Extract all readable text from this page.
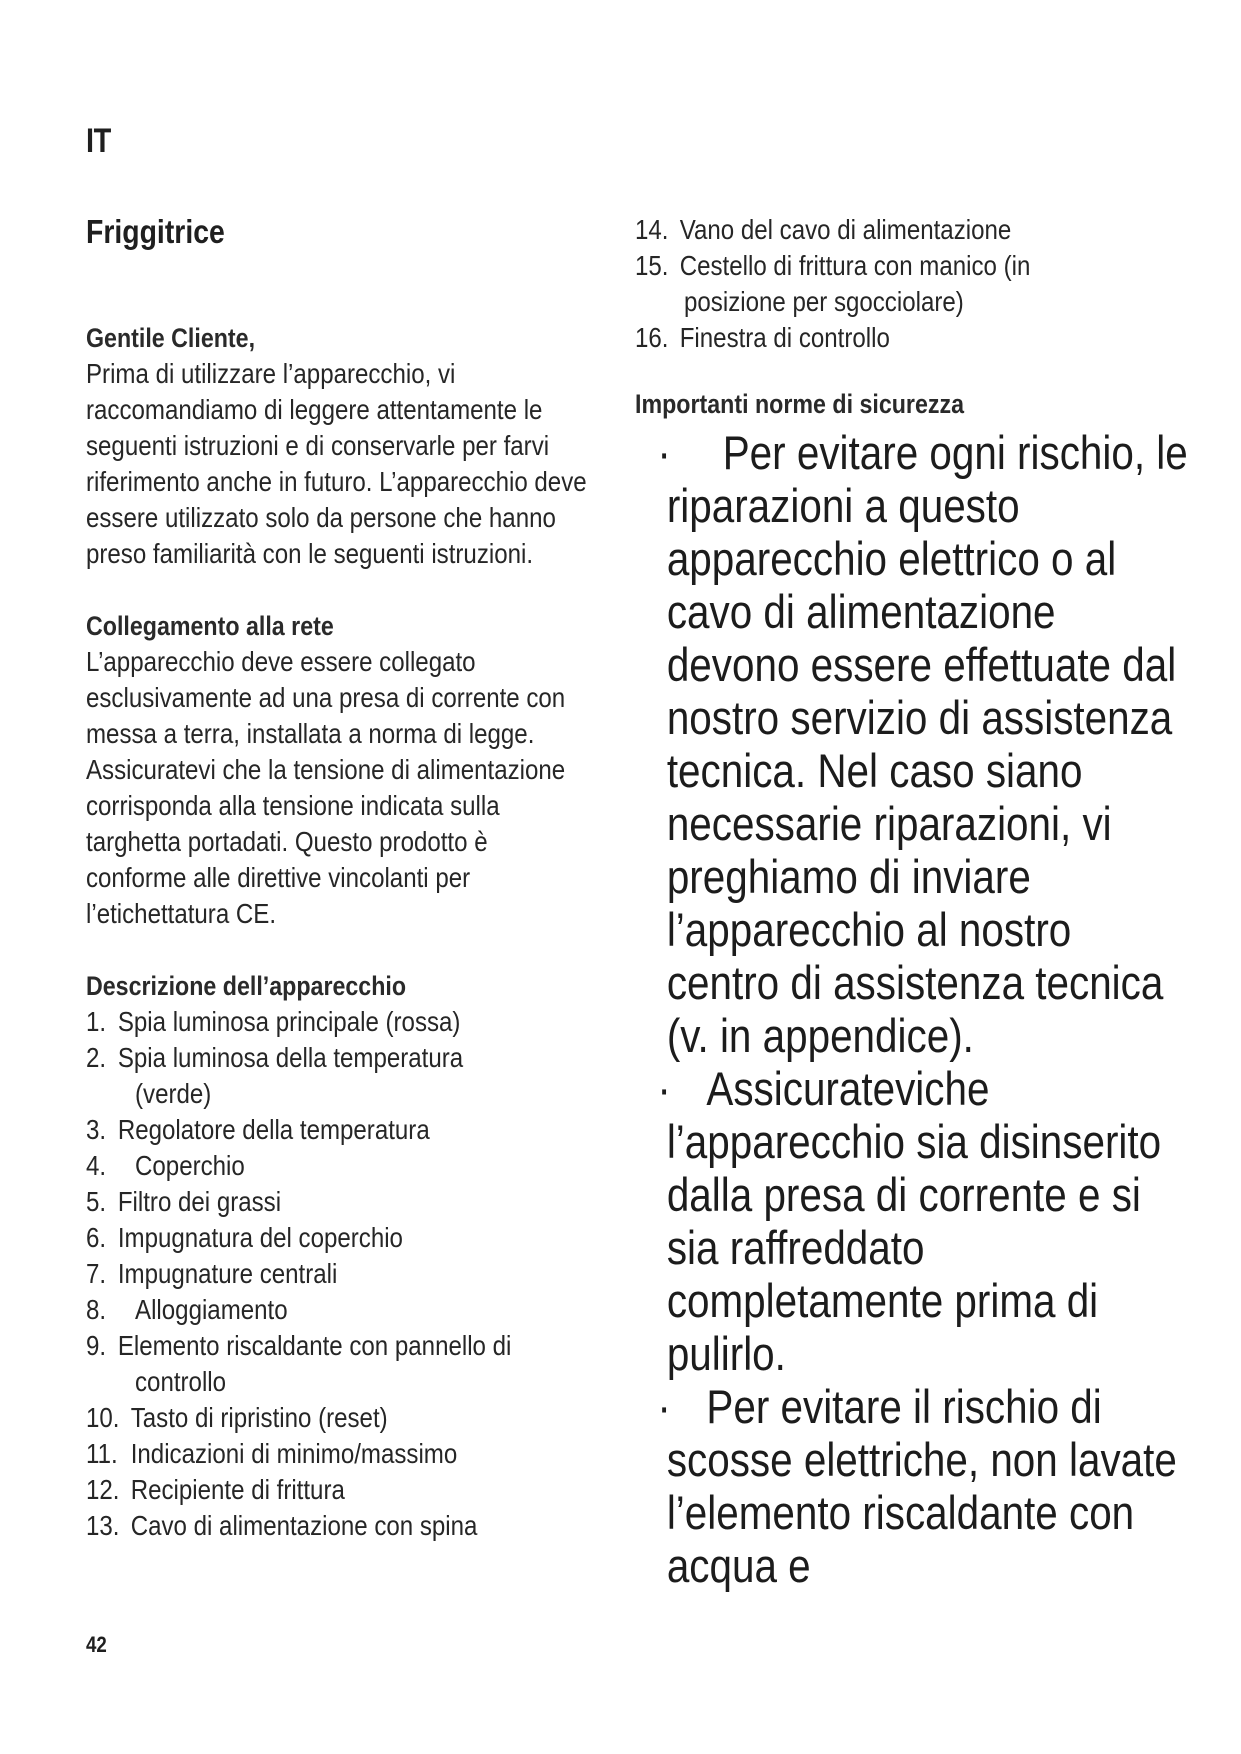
IT
Friggitrice
Gentile Cliente,

Prima di utilizzare l’apparecchio, vi raccomandiamo di leggere attentamente le seguenti istruzioni e di conservarle per farvi riferimento anche in futuro. L’apparecchio deve essere utilizzato solo da persone che hanno preso familiarità con le seguenti istruzioni.

Collegamento alla rete

L’apparecchio deve essere collegato esclusivamente ad una presa di corrente con messa a terra, installata a norma di legge.

Assicuratevi che la tensione di alimentazione corrisponda alla tensione indicata sulla targhetta portadati. Questo prodotto è conforme alle direttive vincolanti per l’etichettatura CE.

Descrizione dell’apparecchio
1. Spia luminosa principale (rossa)
2. Spia luminosa della temperatura
(verde)
3. Regolatore della temperatura
4.	Coperchio
5. Filtro dei grassi
6. Impugnatura del coperchio
7. Impugnature centrali
8.	Alloggiamento
9. Elemento riscaldante con pannello di
controllo
10. Tasto di ripristino (reset)
11. Indicazioni di minimo/massimo
12. Recipiente di frittura
13. Cavo di alimentazione con spina
14. Vano del cavo di alimentazione
15. Cestello di frittura con manico (in
posizione per sgocciolare)
16. Finestra di controllo
Importanti norme di sicurezza
· Per evitare ogni rischio, le riparazioni a questo apparecchio elettrico o al cavo di alimentazione devono essere effettuate dal nostro servizio di assistenza tecnica. Nel caso siano necessarie riparazioni, vi preghiamo di inviare l’apparecchio al nostro centro di assistenza tecnica (v. in appendice).
· Assicurateviche l’apparecchio sia disinserito dalla presa di corrente e si sia raffreddato completamente prima di pulirlo.
· Per evitare il rischio di scosse elettriche, non lavate l’elemento riscaldante con acqua e
42
